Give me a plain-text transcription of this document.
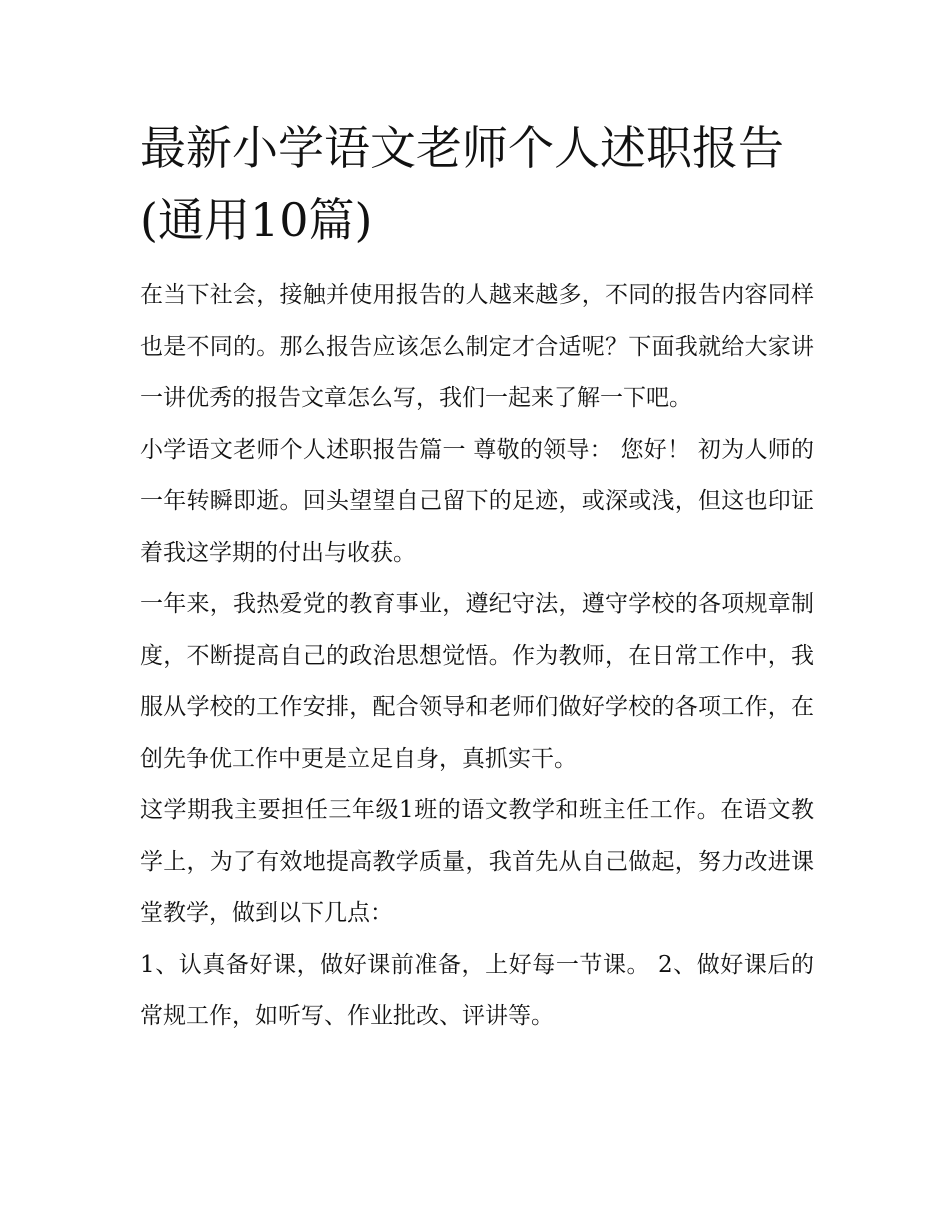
最新小学语文老师个人述职报告(通用10篇)

在当下社会，接触并使用报告的人越来越多，不同的报告内容同样也是不同的。那么报告应该怎么制定才合适呢？下面我就给大家讲一讲优秀的报告文章怎么写，我们一起来了解一下吧。

小学语文老师个人述职报告篇一 尊敬的领导： 您好！ 初为人师的一年转瞬即逝。回头望望自己留下的足迹，或深或浅，但这也印证着我这学期的付出与收获。

一年来，我热爱党的教育事业，遵纪守法，遵守学校的各项规章制度，不断提高自己的政治思想觉悟。作为教师，在日常工作中，我服从学校的工作安排，配合领导和老师们做好学校的各项工作，在创先争优工作中更是立足自身，真抓实干。

这学期我主要担任三年级1班的语文教学和班主任工作。在语文教学上，为了有效地提高教学质量，我首先从自己做起，努力改进课堂教学，做到以下几点：

1、认真备好课，做好课前准备，上好每一节课。 2、做好课后的常规工作，如听写、作业批改、评讲等。
